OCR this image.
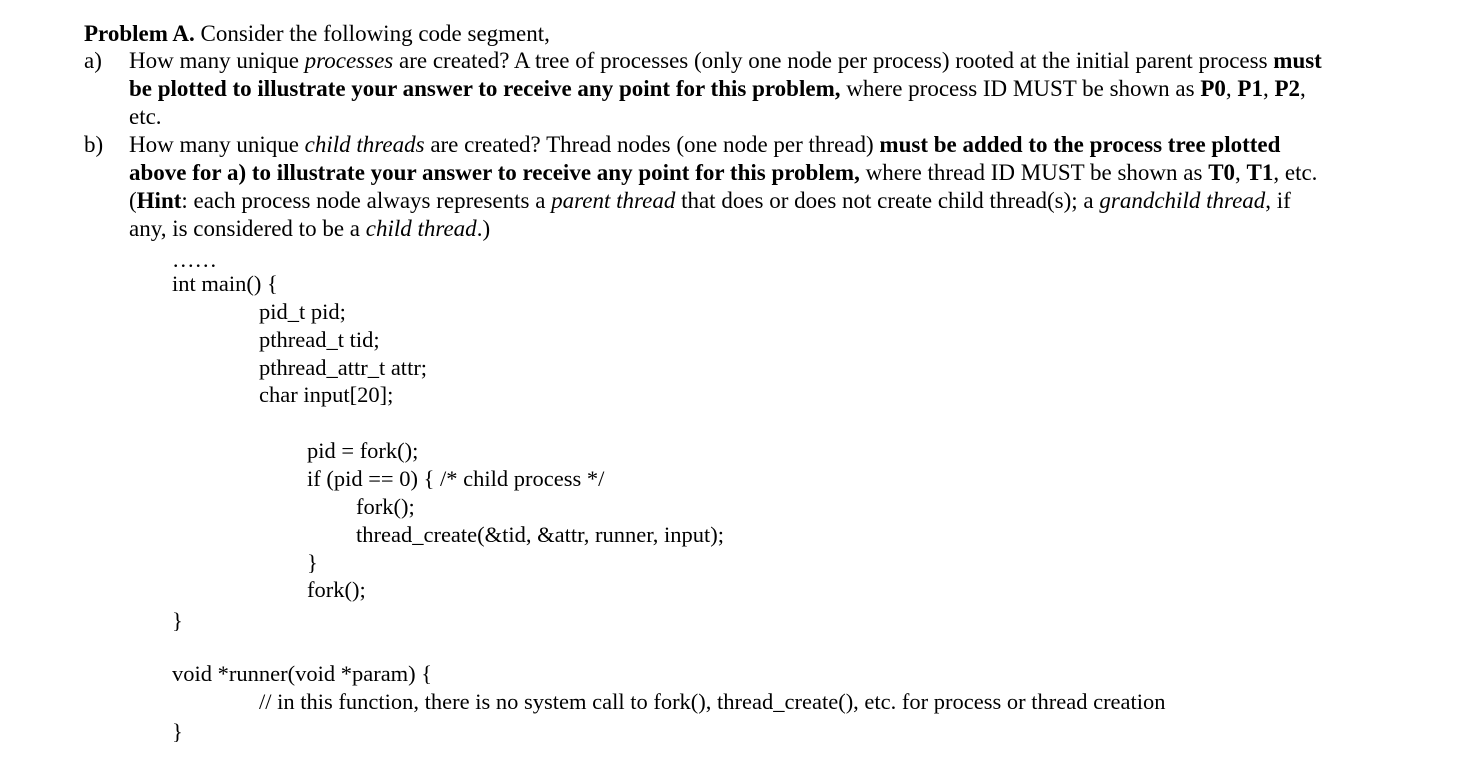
Problem A. Consider the following code segment,
a) How many unique processes are created? A tree of processes (only one node per process) rooted at the initial parent process must
be plotted to illustrate your answer to receive any point for this problem, where process ID MUST be shown as P0, P1, P2,
etc.
b) How many unique child threads are created? Thread nodes (one node per thread) must be added to the process tree plotted
above for a) to illustrate your answer to receive any point for this problem, where thread ID MUST be shown as T0, T1, etc.
(Hint: each process node always represents a parent thread that does or does not create child thread(s); a grandchild thread, if
any, is considered to be a child thread.)
……
int main() {
pid_t pid;
pthread_t tid;
pthread_attr_t attr;
char input[20];
pid = fork();
if (pid == 0) { /* child process */
fork();
thread_create(&tid, &attr, runner, input);
}
fork();
}
void *runner(void *param) {
// in this function, there is no system call to fork(), thread_create(), etc. for process or thread creation
}
